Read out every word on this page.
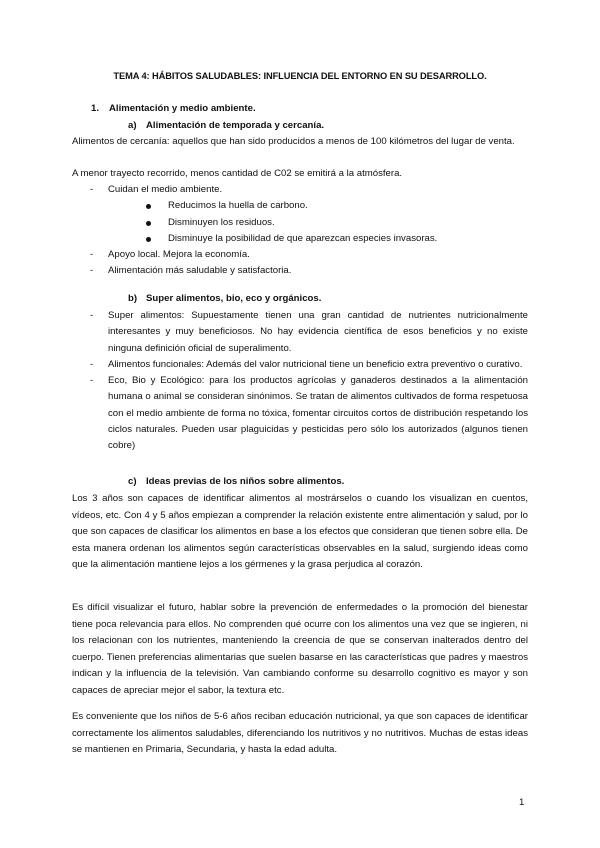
TEMA 4: HÁBITOS SALUDABLES: INFLUENCIA DEL ENTORNO EN SU DESARROLLO.
1. Alimentación y medio ambiente.
a) Alimentación de temporada y cercanía.
Alimentos de cercanía: aquellos que han sido producidos a menos de 100 kilómetros del lugar de venta.
A menor trayecto recorrido, menos cantidad de C02 se emitirá a la atmósfera.
- Cuidan el medio ambiente.
Reducimos la huella de carbono.
Disminuyen los residuos.
Disminuye la posibilidad de que aparezcan especies invasoras.
- Apoyo local. Mejora la economía.
- Alimentación más saludable y satisfactoria.
b) Super alimentos, bio, eco y orgánicos.
- Super alimentos: Supuestamente tienen una gran cantidad de nutrientes nutricionalmente interesantes y muy beneficiosos. No hay evidencia científica de esos beneficios y no existe ninguna definición oficial de superalimento.
- Alimentos funcionales: Además del valor nutricional tiene un beneficio extra preventivo o curativo.
- Eco, Bio y Ecológico: para los productos agrícolas y ganaderos destinados a la alimentación humana o animal se consideran sinónimos. Se tratan de alimentos cultivados de forma respetuosa con el medio ambiente de forma no tóxica, fomentar circuitos cortos de distribución respetando los ciclos naturales. Pueden usar plaguicidas y pesticidas pero sólo los autorizados (algunos tienen cobre)
c) Ideas previas de los niños sobre alimentos.
Los 3 años son capaces de identificar alimentos al mostrárselos o cuando los visualizan en cuentos, vídeos, etc. Con 4 y 5 años empiezan a comprender la relación existente entre alimentación y salud, por lo que son capaces de clasificar los alimentos en base a los efectos que consideran que tienen sobre ella. De esta manera ordenan los alimentos según características observables en la salud, surgiendo ideas como que la alimentación mantiene lejos a los gérmenes y la grasa perjudica al corazón.
Es difícil visualizar el futuro, hablar sobre la prevención de enfermedades o la promoción del bienestar tiene poca relevancia para ellos. No comprenden qué ocurre con los alimentos una vez que se ingieren, ni los relacionan con los nutrientes, manteniendo la creencia de que se conservan inalterados dentro del cuerpo. Tienen preferencias alimentarias que suelen basarse en las características que padres y maestros indican y la influencia de la televisión. Van cambiando conforme su desarrollo cognitivo es mayor y son capaces de apreciar mejor el sabor, la textura etc.
Es conveniente que los niños de 5-6 años reciban educación nutricional, ya que son capaces de identificar correctamente los alimentos saludables, diferenciando los nutritivos y no nutritivos. Muchas de estas ideas se mantienen en Primaria, Secundaria, y hasta la edad adulta.
1
